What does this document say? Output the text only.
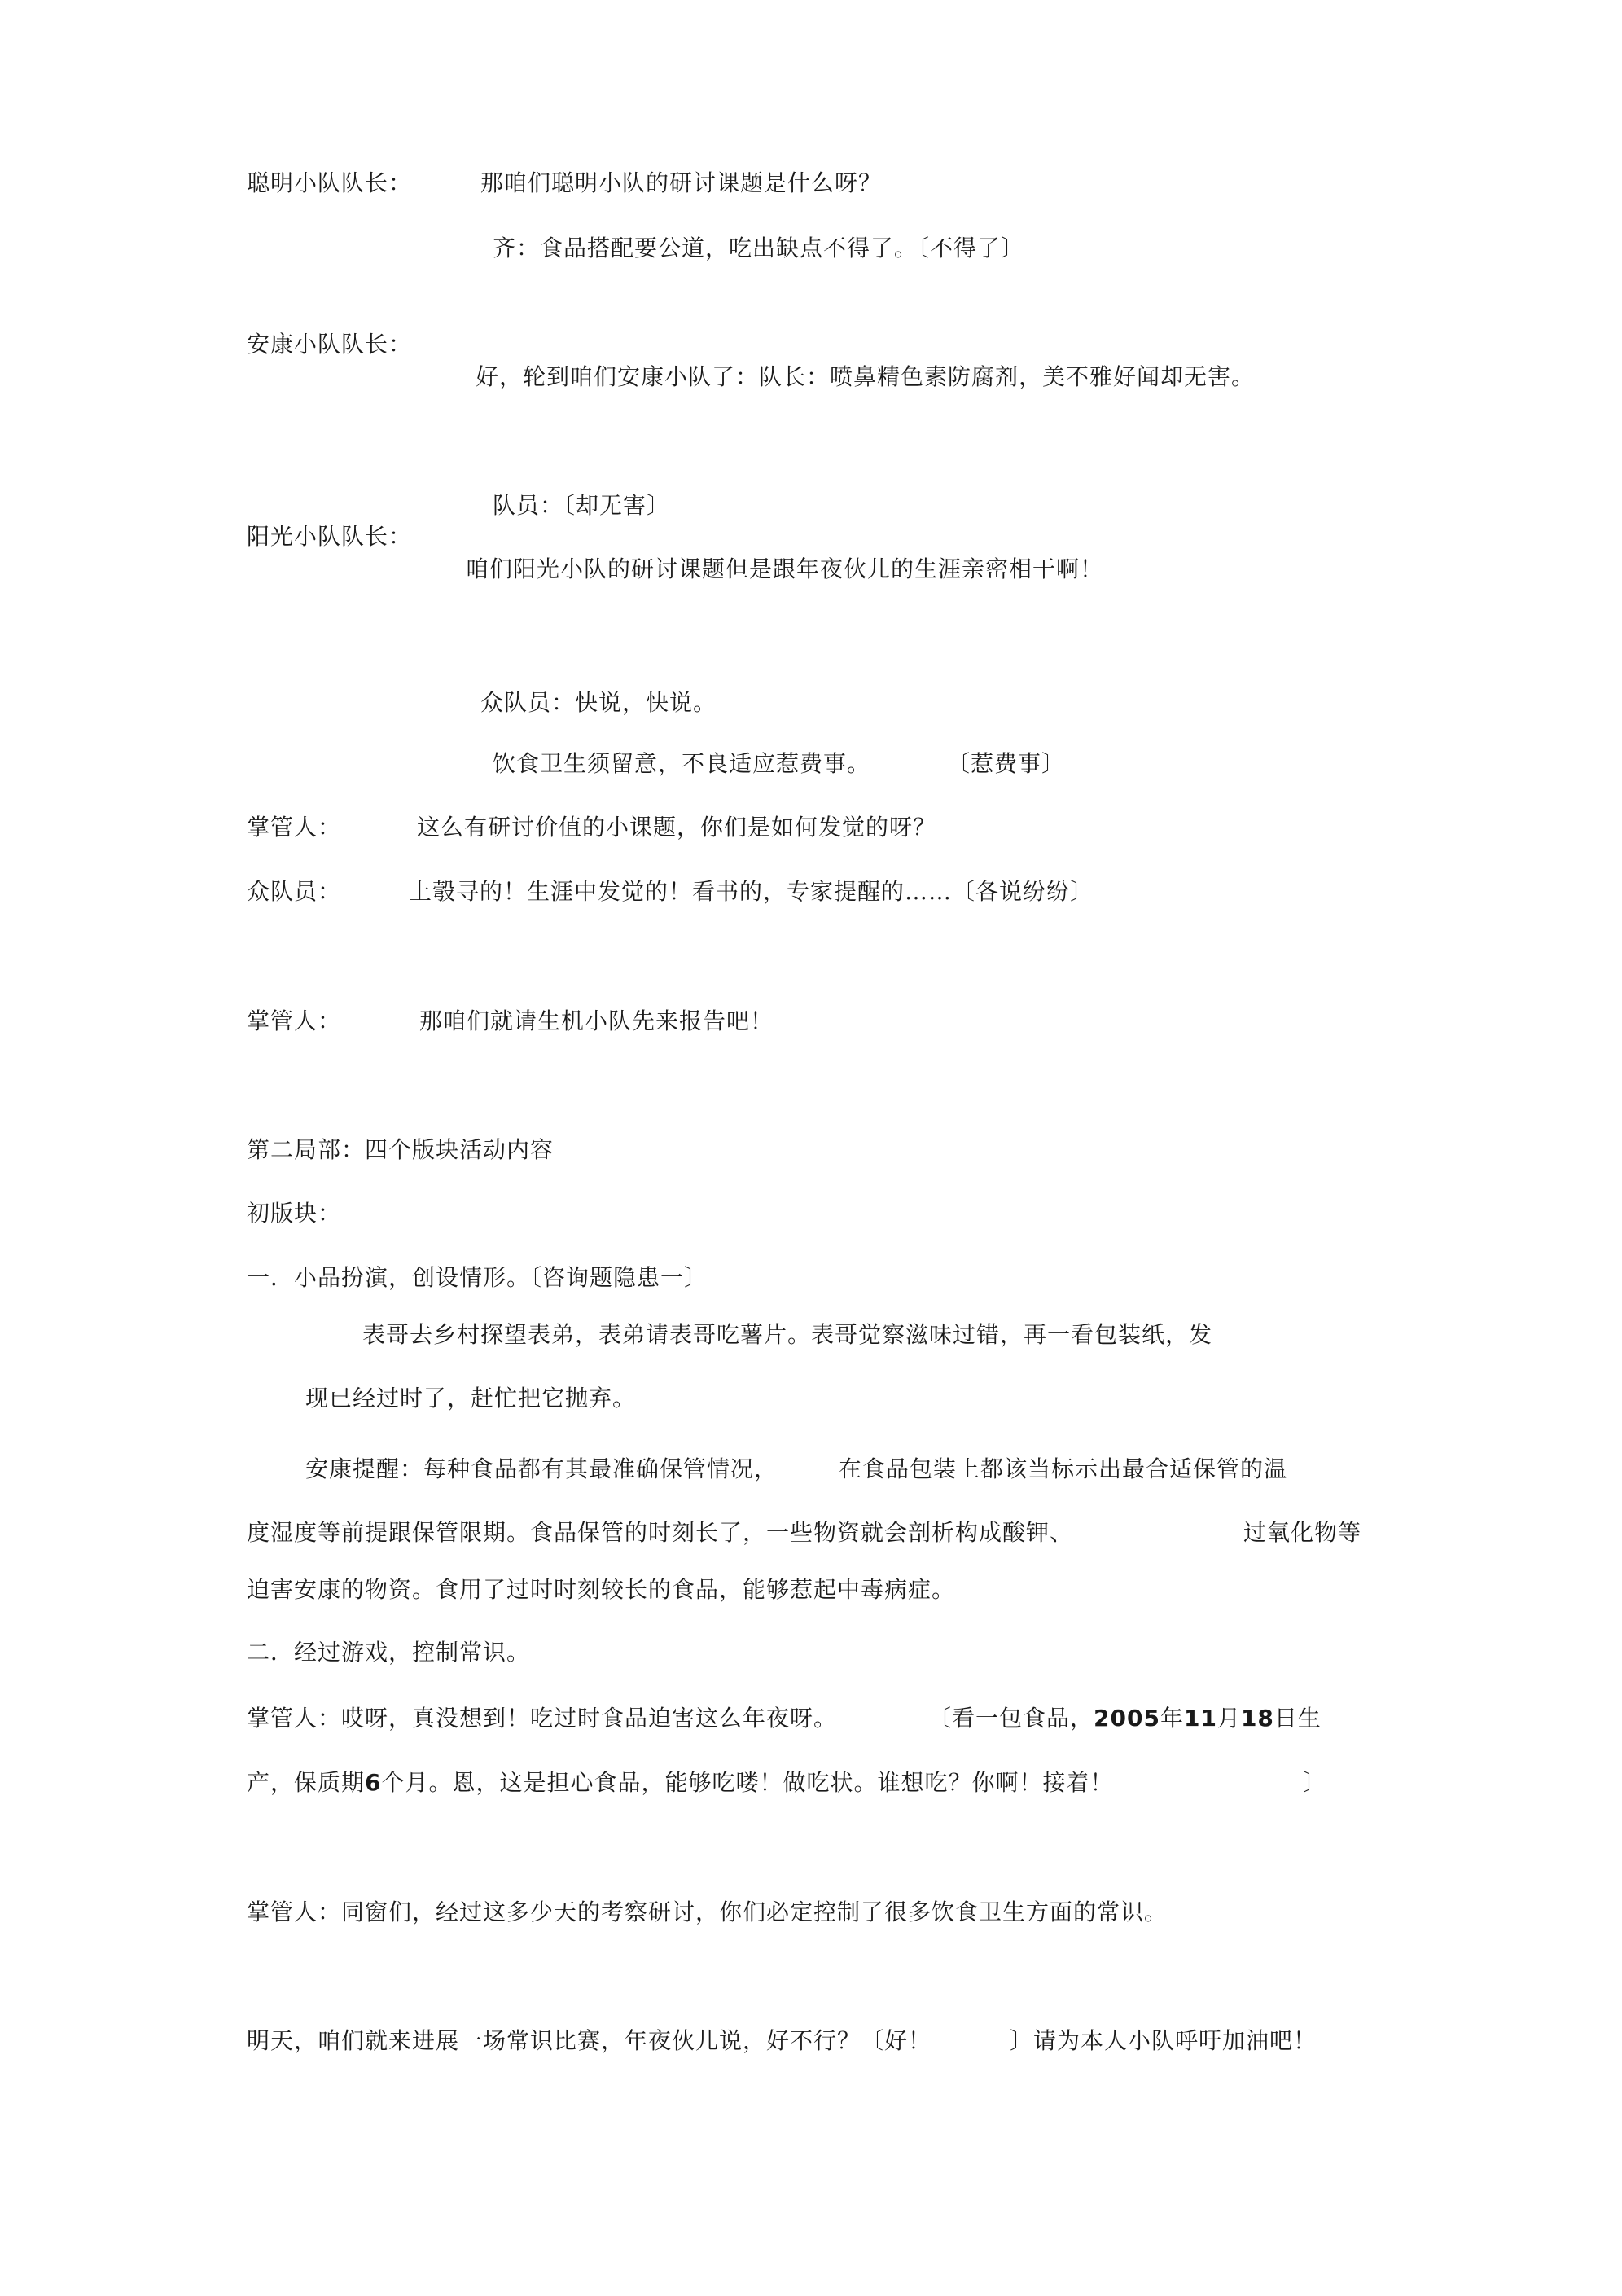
聪明小队队长：	那咱们聪明小队的研讨课题是什么呀？
齐：食品搭配要公道，吃出缺点不得了。〔不得了〕
安康小队队长：
好，轮到咱们安康小队了：队长：喷鼻精色素防腐剂，美不雅好闻却无害。
队员：〔却无害〕
阳光小队队长：
咱们阳光小队的研讨课题但是跟年夜伙儿的生涯亲密相干啊！
众队员：快说，快说。
饮食卫生须留意，不良适应惹费事。	〔惹费事〕
掌管人：	这么有研讨价值的小课题，你们是如何发觉的呀？
众队员：	上彀寻的！生涯中发觉的！看书的，专家提醒的……〔各说纷纷〕
掌管人：	那咱们就请生机小队先来报告吧！
第二局部：四个版块活动内容
初版块：
一．小品扮演，创设情形。〔咨询题隐患一〕
表哥去乡村探望表弟，表弟请表哥吃薯片。表哥觉察滋味过错，再一看包装纸，发
现已经过时了，赶忙把它抛弃。
安康提醒：每种食品都有其最准确保管情况，	在食品包装上都该当标示出最合适保管的温
度湿度等前提跟保管限期。食品保管的时刻长了，一些物资就会剖析构成酸钾、	过氧化物等
迫害安康的物资。食用了过时时刻较长的食品，能够惹起中毒病症。
二．经过游戏，控制常识。
掌管人：哎呀，真没想到！吃过时食品迫害这么年夜呀。	〔看一包食品，2005年11月18日生
产，保质期6个月。恩，这是担心食品，能够吃喽！做吃状。谁想吃？你啊！接着！	〕
掌管人：同窗们，经过这多少天的考察研讨，你们必定控制了很多饮食卫生方面的常识。
明天，咱们就来进展一场常识比赛，年夜伙儿说，好不行？〔好！	〕请为本人小队呼吁加油吧！
